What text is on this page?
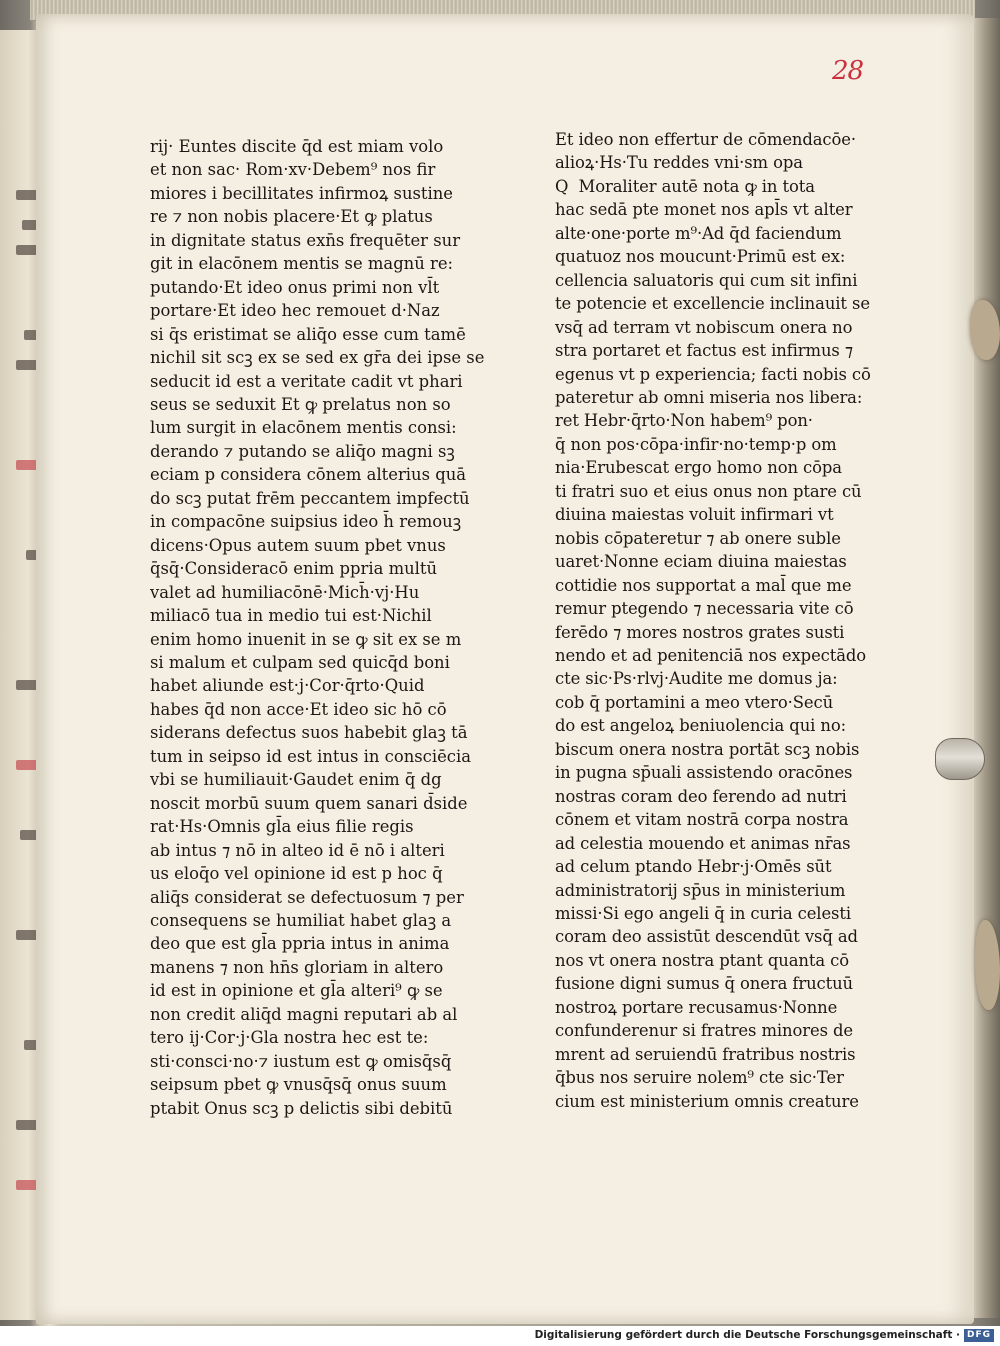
28
rij· Euntes discite q̄d est miam volo
et non sac· Rom·xv·Debem⁹ nos fir
miores i becillitates infirmoꝝ sustine
re ⁊ non nobis placere·Et ꝙ platus
in dignitate status exn̄s frequēter sur
git in elacōnem mentis se magnū re:
putando·Et ideo onus primi non vl̄t
portare·Et ideo hec remouet d·Naz
si q̄s eristimat se aliq̄o esse cum tamē
nichil sit scꝫ ex se sed ex gr̄a dei ipse se
seducit id est a veritate cadit vt phari
seus se seduxit Et ꝙ prelatus non so
lum surgit in elacōnem mentis consi:
derando ⁊ putando se aliq̄o magni sꝫ
eciam p considera cōnem alterius quā
do scꝫ putat frēm peccantem impfectū
in compacōne suipsius ideo h̄ remouꝫ
dicens·Opus autem suum pbet vnus
q̄sq̄·Consideracō enim ppria multū
valet ad humiliacōnē·Mich̄·vj·Hu
miliacō tua in medio tui est·Nichil
enim homo inuenit in se ꝙ sit ex se m
si malum et culpam sed quicq̄d boni
habet aliunde est·j·Cor·q̄rto·Quid
habes q̄d non acce·Et ideo sic hō cō
siderans defectus suos habebit glaꝫ tā
tum in seipso id est intus in consciēcia
vbi se humiliauit·Gaudet enim q̄ dg
noscit morbū suum quem sanari d̄side
rat·Hs·Omnis gl̄a eius filie regis
ab intus ⁊ nō in alteo id ē nō i alteri
us eloq̄o vel opinione id est p hoc q̄
aliq̄s considerat se defectuosum ⁊ per
consequens se humiliat habet glaꝫ a
deo que est gl̄a ppria intus in anima
manens ⁊ non hn̄s gloriam in altero
id est in opinione et gl̄a alteri⁹ ꝙ se
non credit aliq̄d magni reputari ab al
tero ij·Cor·j·Gla nostra hec est te:
sti·consci·no·⁊ iustum est ꝙ omisq̄sq̄
seipsum pbet ꝙ vnusq̄sq̄ onus suum
ptabit Onus scꝫ p delictis sibi debitū
Et ideo non effertur de cōmendacōe·
alioꝝ·Hs·Tu reddes vni·sm opa
Q  Moraliter autē nota ꝙ in tota
hac sedā pte monet nos apl̄s vt alter
alte·one·porte m⁹·Ad q̄d faciendum
quatuoz nos moucunt·Primū est ex:
cellencia saluatoris qui cum sit infini
te potencie et excellencie inclinauit se
vsq̄ ad terram vt nobiscum onera no
stra portaret et factus est infirmus ⁊
egenus vt p experiencia; facti nobis cō
pateretur ab omni miseria nos libera:
ret Hebr·q̄rto·Non habem⁹ pon·
q̄ non pos·cōpa·infir·no·temp·p om
nia·Erubescat ergo homo non cōpa
ti fratri suo et eius onus non ptare cū
diuina maiestas voluit infirmari vt
nobis cōpateretur ⁊ ab onere suble
uaret·Nonne eciam diuina maiestas
cottidie nos supportat a mal̄ que me
remur ptegendo ⁊ necessaria vite cō
ferēdo ⁊ mores nostros grates susti
nendo et ad penitenciā nos expectādo
cte sic·Ps·rlvj·Audite me domus ja:
cob q̄ portamini a meo vtero·Secū
do est angeloꝝ beniuolencia qui no:
biscum onera nostra portāt scꝫ nobis
in pugna sp̄uali assistendo oracōnes
nostras coram deo ferendo ad nutri
cōnem et vitam nostrā corpa nostra
ad celestia mouendo et animas nr̄as
ad celum ptando Hebr·j·Omēs sūt
administratorij sp̄us in ministerium
missi·Si ego angeli q̄ in curia celesti
coram deo assistūt descendūt vsq̄ ad
nos vt onera nostra ptant quanta cō
fusione digni sumus q̄ onera fructuū
nostroꝝ portare recusamus·Nonne
confunderenur si fratres minores de
mrent ad seruiendū fratribus nostris
q̄bus nos seruire nolem⁹ cte sic·Ter
cium est ministerium omnis creature
Digitalisierung gefördert durch die Deutsche Forschungsgemeinschaft · DFG
